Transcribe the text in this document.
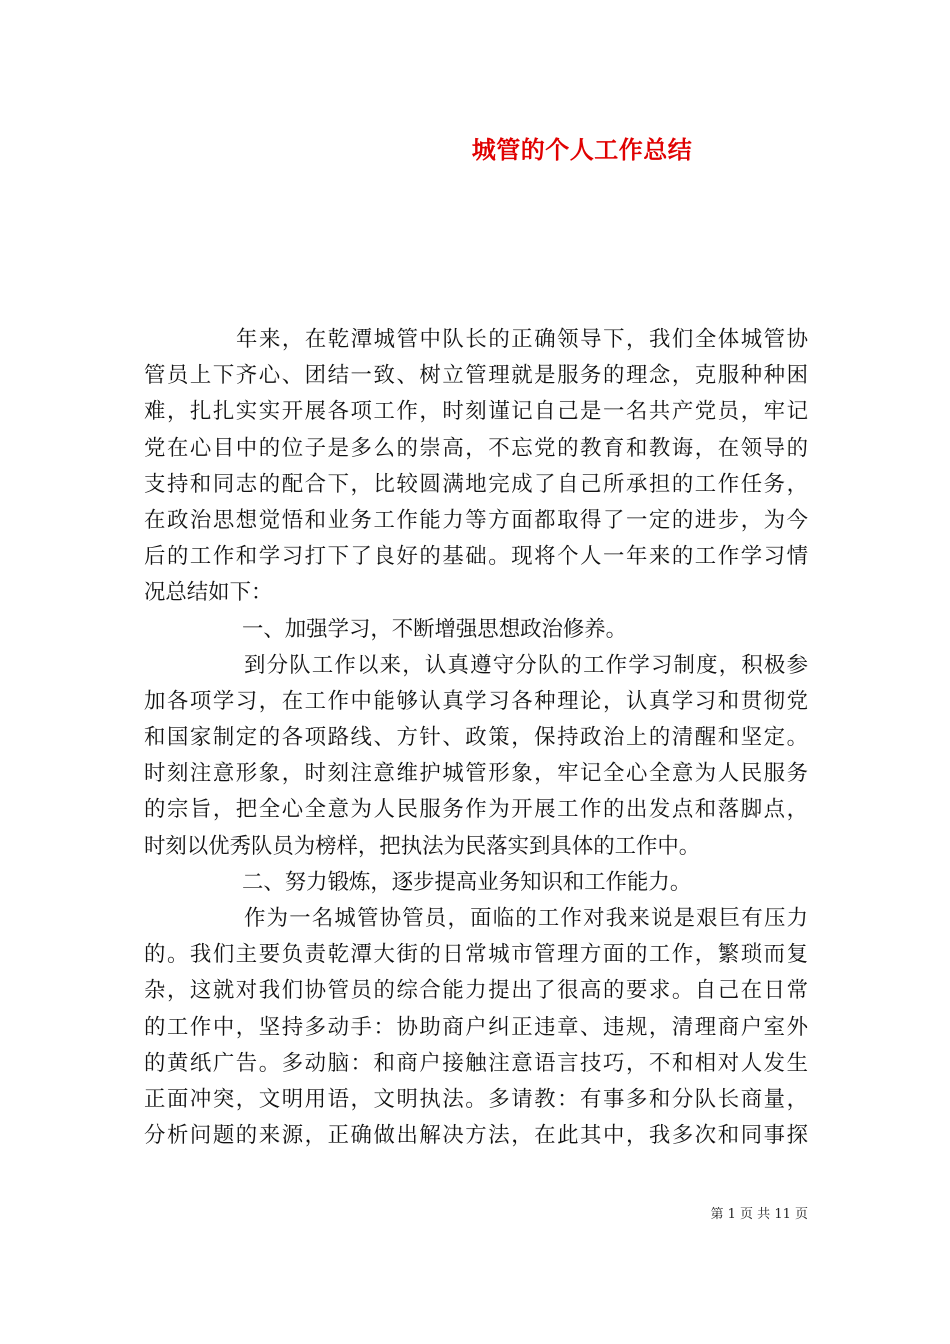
城管的个人工作总结
年来，在乾潭城管中队长的正确领导下，我们全体城管协
管员上下齐心、团结一致、树立管理就是服务的理念，克服种种困
难，扎扎实实开展各项工作，时刻谨记自己是一名共产党员，牢记
党在心目中的位子是多么的崇高，不忘党的教育和教诲，在领导的
支持和同志的配合下，比较圆满地完成了自己所承担的工作任务，
在政治思想觉悟和业务工作能力等方面都取得了一定的进步，为今
后的工作和学习打下了良好的基础。现将个人一年来的工作学习情
况总结如下：
一、加强学习，不断增强思想政治修养。
到分队工作以来，认真遵守分队的工作学习制度，积极参
加各项学习，在工作中能够认真学习各种理论，认真学习和贯彻党
和国家制定的各项路线、方针、政策，保持政治上的清醒和坚定。
时刻注意形象，时刻注意维护城管形象，牢记全心全意为人民服务
的宗旨，把全心全意为人民服务作为开展工作的出发点和落脚点，
时刻以优秀队员为榜样，把执法为民落实到具体的工作中。
二、努力锻炼，逐步提高业务知识和工作能力。
作为一名城管协管员，面临的工作对我来说是艰巨有压力
的。我们主要负责乾潭大街的日常城市管理方面的工作，繁琐而复
杂，这就对我们协管员的综合能力提出了很高的要求。自己在日常
的工作中，坚持多动手：协助商户纠正违章、违规，清理商户室外
的黄纸广告。多动脑：和商户接触注意语言技巧，不和相对人发生
正面冲突，文明用语，文明执法。多请教：有事多和分队长商量，
分析问题的来源，正确做出解决方法，在此其中，我多次和同事探
第 1 页 共 11 页
